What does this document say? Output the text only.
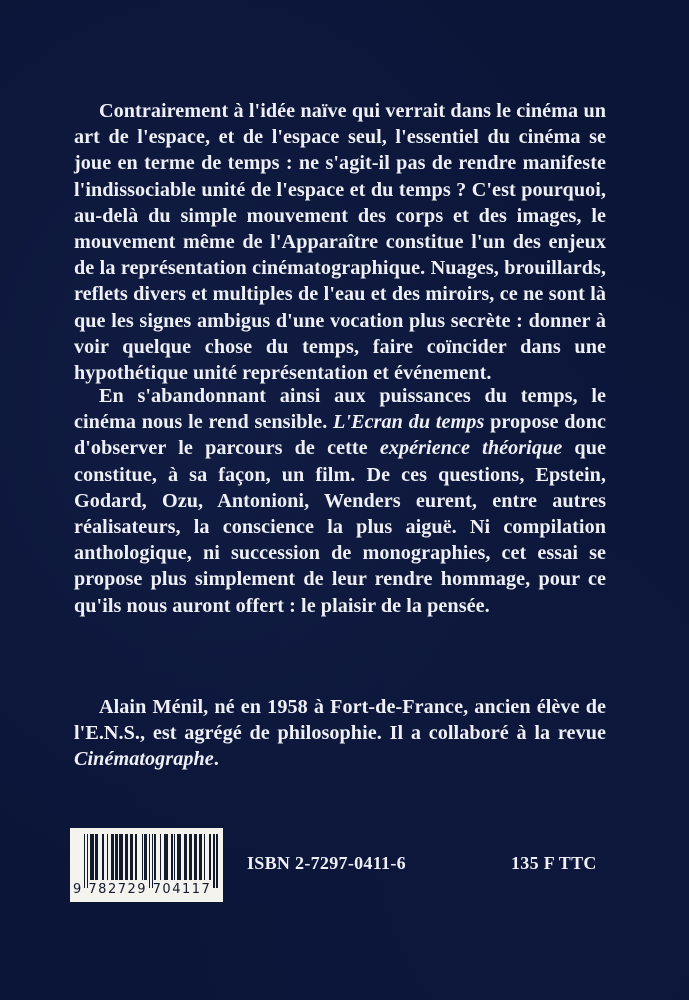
Contrairement à l'idée naïve qui verrait dans le cinéma un
art de l'espace, et de l'espace seul, l'essentiel du cinéma se
joue en terme de temps : ne s'agit-il pas de rendre manifeste
l'indissociable unité de l'espace et du temps ? C'est pourquoi,
au-delà du simple mouvement des corps et des images, le
mouvement même de l'Apparaître constitue l'un des enjeux
de la représentation cinématographique. Nuages, brouillards,
reflets divers et multiples de l'eau et des miroirs, ce ne sont là
que les signes ambigus d'une vocation plus secrète : donner à
voir quelque chose du temps, faire coïncider dans une
hypothétique unité représentation et événement.
En s'abandonnant ainsi aux puissances du temps, le
cinéma nous le rend sensible. L'Ecran du temps propose donc
d'observer le parcours de cette expérience théorique que
constitue, à sa façon, un film. De ces questions, Epstein,
Godard, Ozu, Antonioni, Wenders eurent, entre autres
réalisateurs, la conscience la plus aiguë. Ni compilation
anthologique, ni succession de monographies, cet essai se
propose plus simplement de leur rendre hommage, pour ce
qu'ils nous auront offert : le plaisir de la pensée.
Alain Ménil, né en 1958 à Fort-de-France, ancien élève de
l'E.N.S., est agrégé de philosophie. Il a collaboré à la revue
Cinématographe.
9 782729 704117
ISBN 2-7297-0411-6	135 F TTC
